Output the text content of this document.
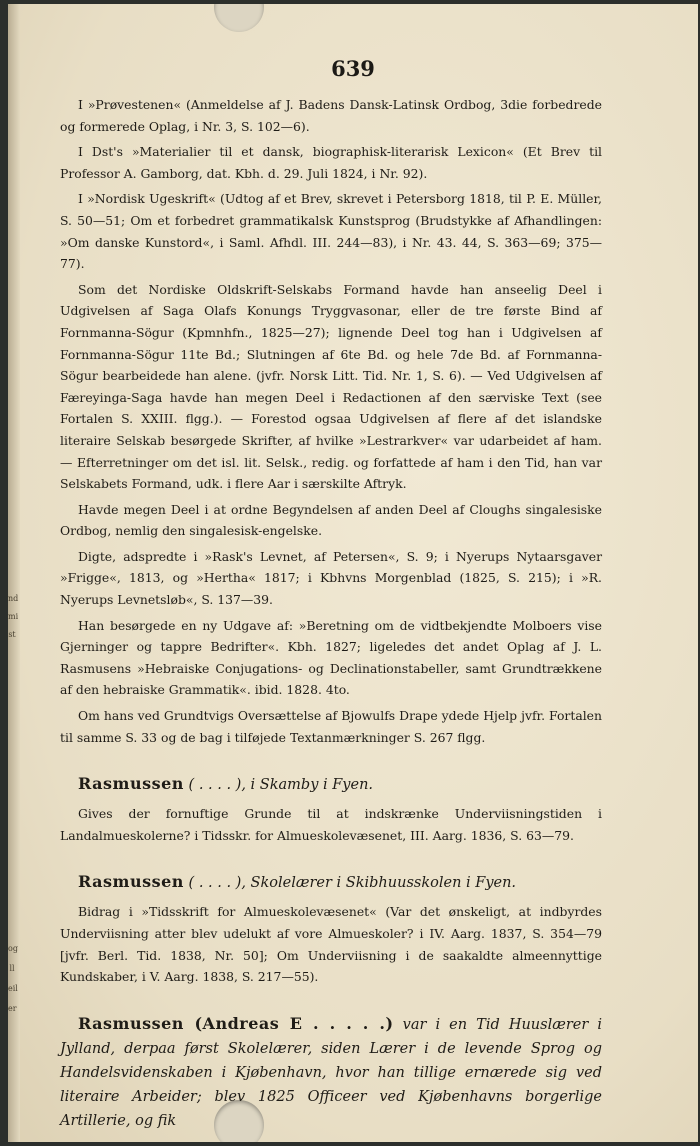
nd
mi
st
og
ll
eil
er
639

I »Prøvestenen« (Anmeldelse af J. Badens Dansk-Latinsk Ordbog, 3die forbedrede og formerede Oplag, i Nr. 3, S. 102—6).

I Dst's »Materialier til et dansk, biographisk-literarisk Lexicon« (Et Brev til Professor A. Gamborg, dat. Kbh. d. 29. Juli 1824, i Nr. 92).

I »Nordisk Ugeskrift« (Udtog af et Brev, skrevet i Petersborg 1818, til P. E. Müller, S. 50—51; Om et forbedret grammatikalsk Kunstsprog (Brudstykke af Afhandlingen: »Om danske Kunstord«, i Saml. Afhdl. III. 244—83), i Nr. 43. 44, S. 363—69; 375—77).

Som det Nordiske Oldskrift-Selskabs Formand havde han anseelig Deel i Udgivelsen af Saga Olafs Konungs Tryggvasonar, eller de tre første Bind af Fornmanna-Sögur (Kpmnhfn., 1825—27); lignende Deel tog han i Udgivelsen af Fornmanna-Sögur 11te Bd.; Slutningen af 6te Bd. og hele 7de Bd. af Fornmanna-Sögur bearbeidede han alene. (jvfr. Norsk Litt. Tid. Nr. 1, S. 6). — Ved Udgivelsen af Færeyinga-Saga havde han megen Deel i Redactionen af den særviske Text (see Fortalen S. XXIII. flgg.). — Forestod ogsaa Udgivelsen af flere af det islandske literaire Selskab besørgede Skrifter, af hvilke »Lestrarkver« var udarbeidet af ham. — Efterretninger om det isl. lit. Selsk., redig. og forfattede af ham i den Tid, han var Selskabets Formand, udk. i flere Aar i særskilte Aftryk.

Havde megen Deel i at ordne Begyndelsen af anden Deel af Cloughs singalesiske Ordbog, nemlig den singalesisk-engelske.

Digte, adspredte i »Rask's Levnet, af Petersen«, S. 9; i Nyerups Nytaarsgaver »Frigge«, 1813, og »Hertha« 1817; i Kbhvns Morgenblad (1825, S. 215); i »R. Nyerups Levnetsløb«, S. 137—39.

Han besørgede en ny Udgave af: »Beretning om de vidtbekjendte Molboers vise Gjerninger og tappre Bedrifter«. Kbh. 1827; ligeledes det andet Oplag af J. L. Rasmusens »Hebraiske Conjugations- og Declinationstabeller, samt Grundtrækkene af den hebraiske Grammatik«. ibid. 1828. 4to.

Om hans ved Grundtvigs Oversættelse af Bjowulfs Drape ydede Hjelp jvfr. Fortalen til samme S. 33 og de bag i tilføjede Textanmærkninger S. 267 flgg.

Rasmussen ( . . . . ), i Skamby i Fyen.

Gives der fornuftige Grunde til at indskrænke Underviisningstiden i Landalmueskolerne? i Tidsskr. for Almueskolevæsenet, III. Aarg. 1836, S. 63—79.

Rasmussen ( . . . . ), Skolelærer i Skibhuusskolen i Fyen.

Bidrag i »Tidsskrift for Almueskolevæsenet« (Var det ønskeligt, at indbyrdes Underviisning atter blev udelukt af vore Almueskoler? i IV. Aarg. 1837, S. 354—79 [jvfr. Berl. Tid. 1838, Nr. 50]; Om Underviisning i de saakaldte almeennyttige Kundskaber, i V. Aarg. 1838, S. 217—55).

Rasmussen (Andreas E . . . . .) var i en Tid Huuslærer i Jylland, derpaa først Skolelærer, siden Lærer i de levende Sprog og Handelsvidenskaben i Kjøbenhavn, hvor han tillige ernærede sig ved literaire Arbeider; blev 1825 Officeer ved Kjøbenhavns borgerlige Artillerie, og fik
